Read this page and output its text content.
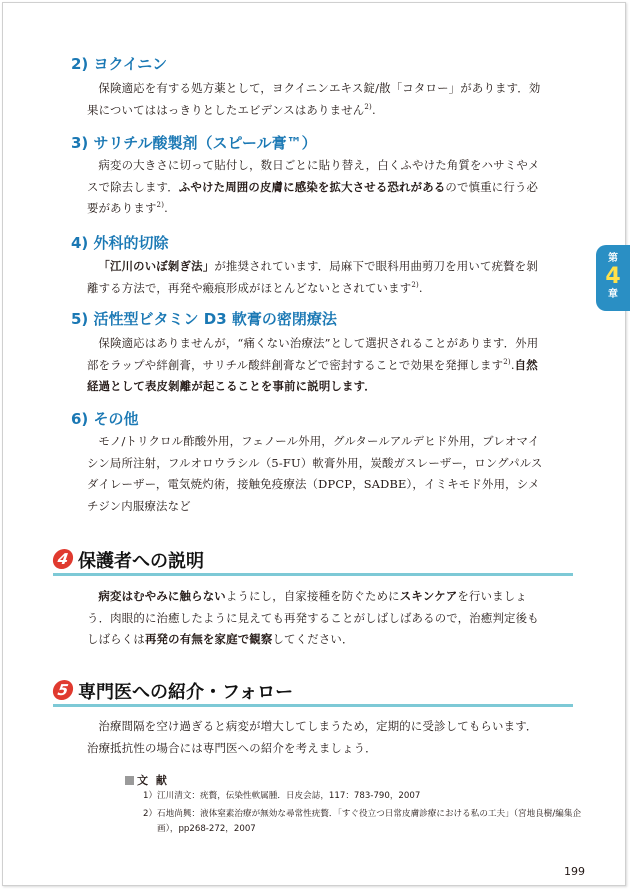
2) ヨクイニン

保険適応を有する処方薬として，ヨクイニンエキス錠/散「コタロー」があります．効果についてははっきりとしたエビデンスはありません$^{2)}$.

3) サリチル酸製剤（スピール膏™）

病変の大きさに切って貼付し，数日ごとに貼り替え，白くふやけた角質をハサミやメスで除去します．ふやけた周囲の皮膚に感染を拡大させる恐れがあるので慎重に行う必要があります$^{2)}$.

4) 外科的切除

「江川のいぼ剝ぎ法」が推奨されています．局麻下で眼科用曲剪刀を用いて疣贅を剝離する方法で，再発や瘢痕形成がほとんどないとされています$^{2)}$.

5) 活性型ビタミン D3 軟膏の密閉療法

保険適応はありませんが，“痛くない治療法”として選択されることがあります．外用部をラップや絆創膏，サリチル酸絆創膏などで密封することで効果を発揮します$^{2)}$.自然経過として表皮剝離が起こることを事前に説明します．

6) その他

モノ/トリクロル酢酸外用，フェノール外用，グルタールアルデヒド外用，ブレオマイシン局所注射，フルオロウラシル（5-FU）軟膏外用，炭酸ガスレーザー，ロングパルスダイレーザー，電気焼灼術，接触免疫療法（DPCP，SADBE），イミキモド外用，シメチジン内服療法など

4 保護者への説明

病変はむやみに触らないようにし，自家接種を防ぐためにスキンケアを行いましょう．肉眼的に治癒したように見えても再発することがしばしばあるので，治癒判定後もしばらくは再発の有無を家庭で観察してください．

5 専門医への紹介・フォロー

治療間隔を空け過ぎると病変が増大してしまうため，定期的に受診してもらいます．治療抵抗性の場合には専門医への紹介を考えましょう．

文 献

1）江川清文：疣贅，伝染性軟属腫．日皮会誌，117：783-790，2007

2）石地尚興：液体窒素治療が無効な尋常性疣贅．「すぐ役立つ日常皮膚診療における私の工夫」（宮地良樹/編集企画），pp268-272，2007

199
第
4
章
